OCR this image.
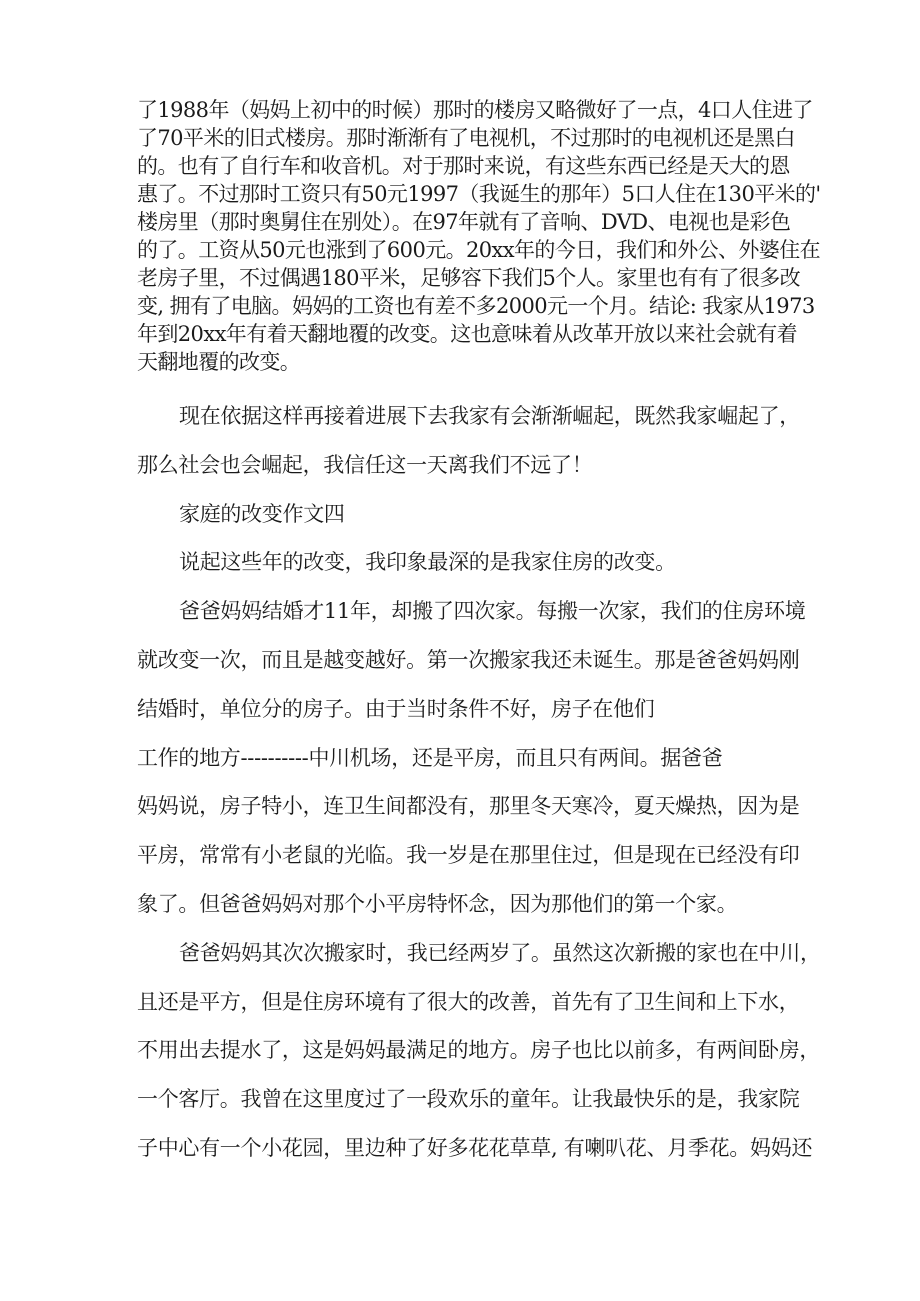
了1988年（妈妈上初中的时候）那时的楼房又略微好了一点，4口人住进了
了70平米的旧式楼房。那时渐渐有了电视机，不过那时的电视机还是黑白
的。也有了自行车和收音机。对于那时来说，有这些东西已经是天大的恩
惠了。不过那时工资只有50元1997（我诞生的那年）5口人住在130平米的'
楼房里（那时奥舅住在别处）。在97年就有了音响、DVD、电视也是彩色
的了。工资从50元也涨到了600元。20xx年的今日，我们和外公、外婆住在
老房子里，不过偶遇180平米，足够容下我们5个人。家里也有有了很多改
变, 拥有了电脑。妈妈的工资也有差不多2000元一个月。结论: 我家从1973
年到20xx年有着天翻地覆的改变。这也意味着从改革开放以来社会就有着
天翻地覆的改变。
现在依据这样再接着进展下去我家有会渐渐崛起，既然我家崛起了，
那么社会也会崛起，我信任这一天离我们不远了！
家庭的改变作文四
说起这些年的改变，我印象最深的是我家住房的改变。
爸爸妈妈结婚才11年，却搬了四次家。每搬一次家，我们的住房环境
就改变一次，而且是越变越好。第一次搬家我还未诞生。那是爸爸妈妈刚
结婚时，单位分的房子。由于当时条件不好，房子在他们
工作的地方----------中川机场，还是平房，而且只有两间。据爸爸
妈妈说，房子特小，连卫生间都没有，那里冬天寒冷，夏天燥热，因为是
平房，常常有小老鼠的光临。我一岁是在那里住过，但是现在已经没有印
象了。但爸爸妈妈对那个小平房特怀念，因为那他们的第一个家。
爸爸妈妈其次次搬家时，我已经两岁了。虽然这次新搬的家也在中川，
且还是平方，但是住房环境有了很大的改善，首先有了卫生间和上下水，
不用出去提水了，这是妈妈最满足的地方。房子也比以前多，有两间卧房，
一个客厅。我曾在这里度过了一段欢乐的童年。让我最快乐的是，我家院
子中心有一个小花园，里边种了好多花花草草, 有喇叭花、月季花。妈妈还
